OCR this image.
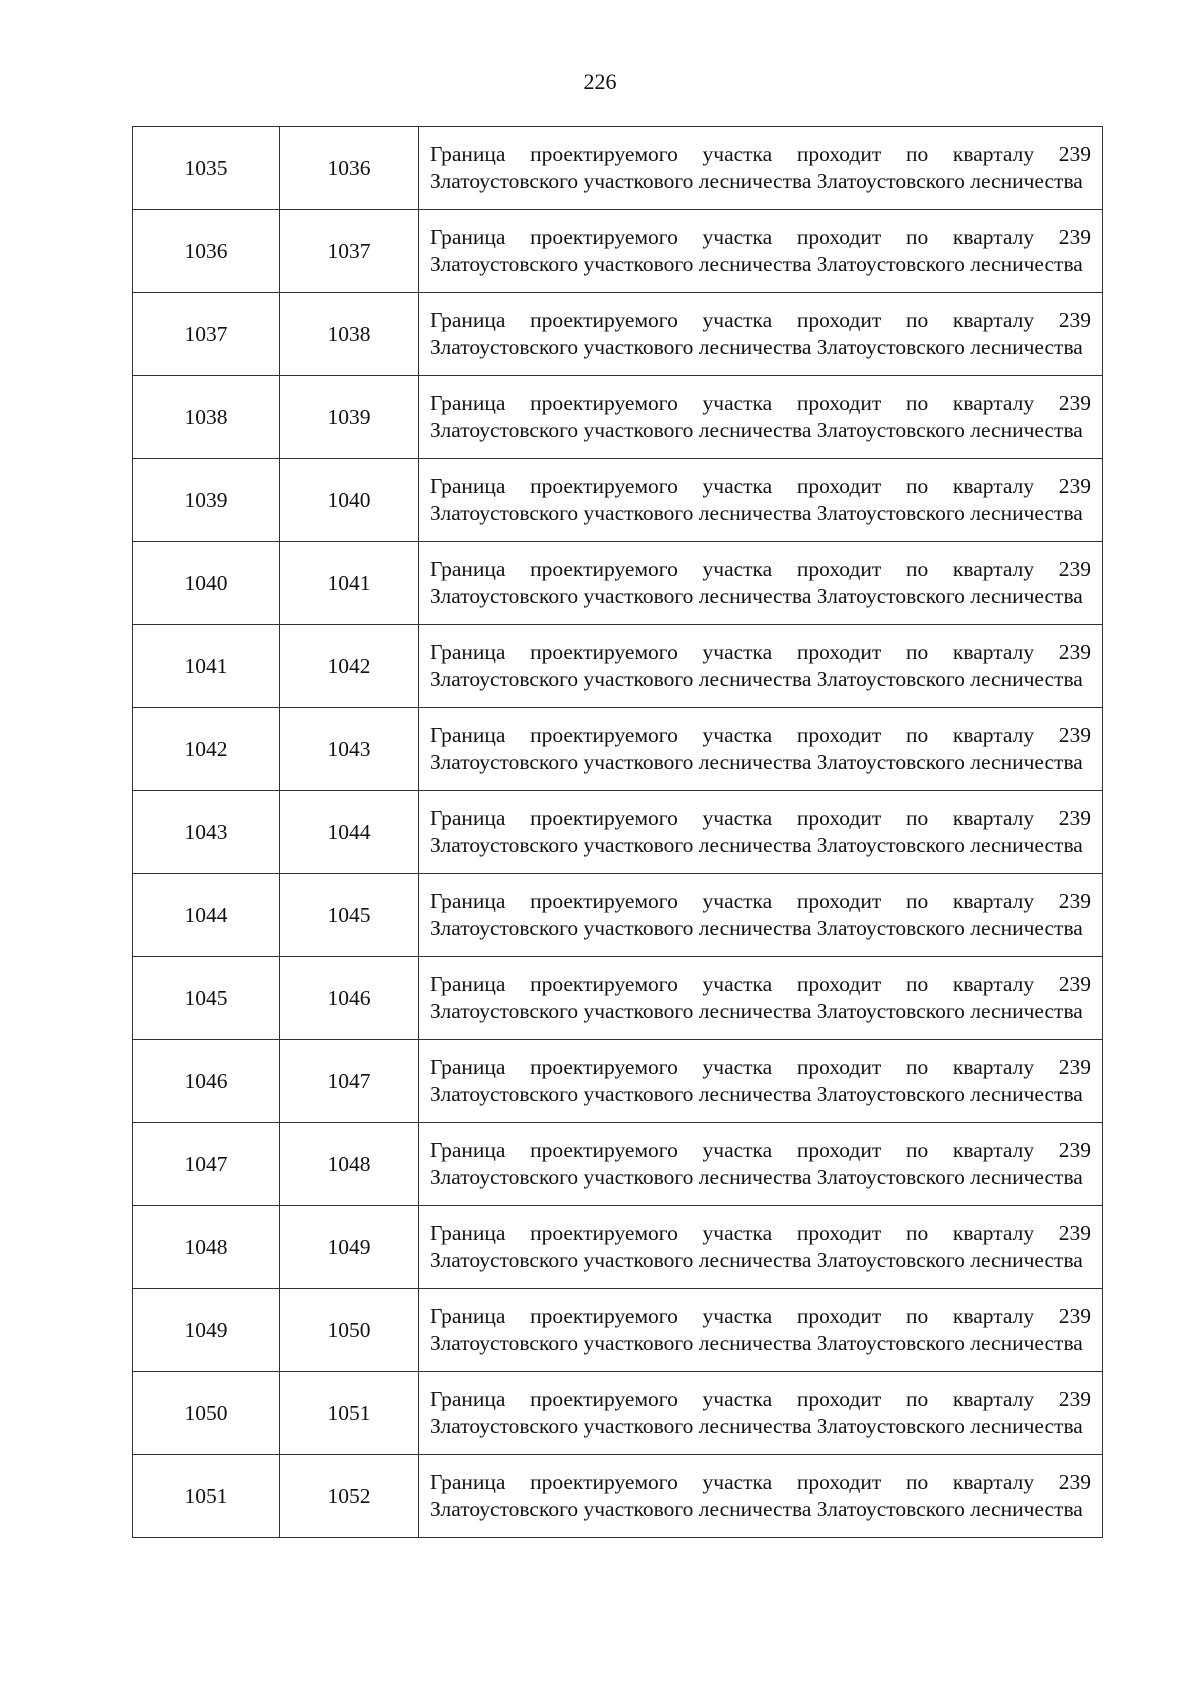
226
1035	1036	Граница проектируемого участка проходит по кварталу 239 Златоустовского участкового лесничества Златоустовского лесничества
1036	1037	Граница проектируемого участка проходит по кварталу 239 Златоустовского участкового лесничества Златоустовского лесничества
1037	1038	Граница проектируемого участка проходит по кварталу 239 Златоустовского участкового лесничества Златоустовского лесничества
1038	1039	Граница проектируемого участка проходит по кварталу 239 Златоустовского участкового лесничества Златоустовского лесничества
1039	1040	Граница проектируемого участка проходит по кварталу 239 Златоустовского участкового лесничества Златоустовского лесничества
1040	1041	Граница проектируемого участка проходит по кварталу 239 Златоустовского участкового лесничества Златоустовского лесничества
1041	1042	Граница проектируемого участка проходит по кварталу 239 Златоустовского участкового лесничества Златоустовского лесничества
1042	1043	Граница проектируемого участка проходит по кварталу 239 Златоустовского участкового лесничества Златоустовского лесничества
1043	1044	Граница проектируемого участка проходит по кварталу 239 Златоустовского участкового лесничества Златоустовского лесничества
1044	1045	Граница проектируемого участка проходит по кварталу 239 Златоустовского участкового лесничества Златоустовского лесничества
1045	1046	Граница проектируемого участка проходит по кварталу 239 Златоустовского участкового лесничества Златоустовского лесничества
1046	1047	Граница проектируемого участка проходит по кварталу 239 Златоустовского участкового лесничества Златоустовского лесничества
1047	1048	Граница проектируемого участка проходит по кварталу 239 Златоустовского участкового лесничества Златоустовского лесничества
1048	1049	Граница проектируемого участка проходит по кварталу 239 Златоустовского участкового лесничества Златоустовского лесничества
1049	1050	Граница проектируемого участка проходит по кварталу 239 Златоустовского участкового лесничества Златоустовского лесничества
1050	1051	Граница проектируемого участка проходит по кварталу 239 Златоустовского участкового лесничества Златоустовского лесничества
1051	1052	Граница проектируемого участка проходит по кварталу 239 Златоустовского участкового лесничества Златоустовского лесничества
